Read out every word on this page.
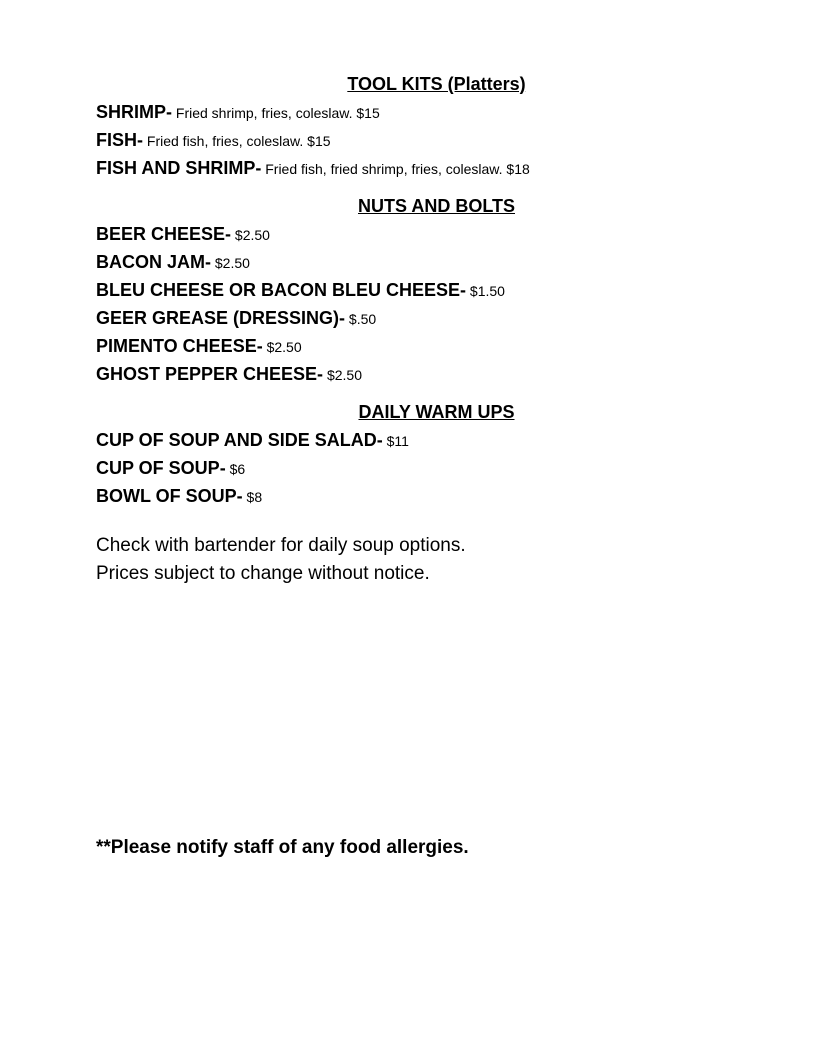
TOOL KITS (Platters)
SHRIMP- Fried shrimp, fries, coleslaw. $15
FISH- Fried fish, fries, coleslaw. $15
FISH AND SHRIMP- Fried fish, fried shrimp, fries, coleslaw. $18
NUTS AND BOLTS
BEER CHEESE- $2.50
BACON JAM- $2.50
BLEU CHEESE OR BACON BLEU CHEESE- $1.50
GEER GREASE (DRESSING)- $.50
PIMENTO CHEESE- $2.50
GHOST PEPPER CHEESE- $2.50
DAILY WARM UPS
CUP OF SOUP AND SIDE SALAD- $11
CUP OF SOUP- $6
BOWL OF SOUP- $8
Check with bartender for daily soup options.
Prices subject to change without notice.
**Please notify staff of any food allergies.
